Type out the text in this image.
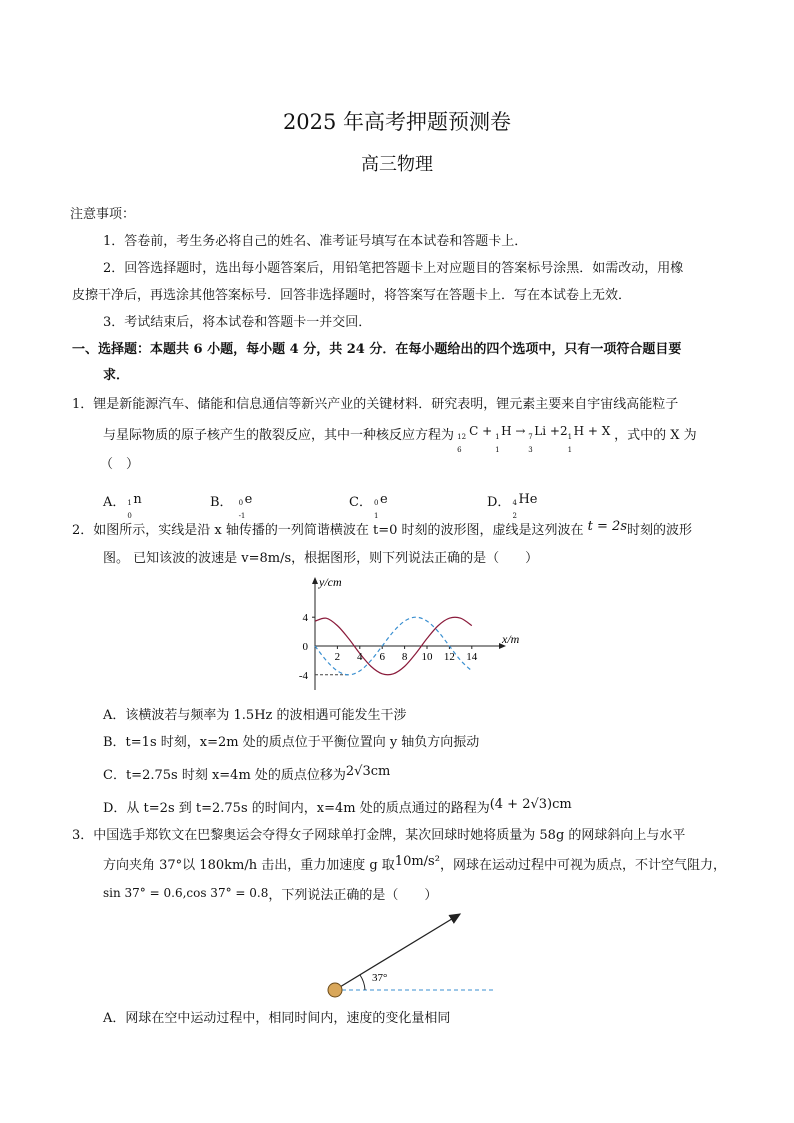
2025 年高考押题预测卷
高三物理
注意事项：
1．答卷前，考生务必将自己的姓名、准考证号填写在本试卷和答题卡上．
2．回答选择题时，选出每小题答案后，用铅笔把答题卡上对应题目的答案标号涂黑．如需改动，用橡
皮擦干净后，再选涂其他答案标号．回答非选择题时，将答案写在答题卡上．写在本试卷上无效．
3．考试结束后，将本试卷和答题卡一并交回．
一、选择题：本题共 6 小题，每小题 4 分，共 24 分．在每小题给出的四个选项中，只有一项符合题目要
求．
1．锂是新能源汽车、储能和信息通信等新兴产业的关键材料．研究表明，锂元素主要来自宇宙线高能粒子
与星际物质的原子核产生的散裂反应，其中一种核反应方程为 12
6
C + 1
1
H → 7
3
Li +2 1
1
H + X ，式中的 X 为
（　）
A． 1
0
n	B． 0
-1
e	C． 0
1
e	D． 4
2
He
2．如图所示，实线是沿 x 轴传播的一列简谐横波在 t=0 时刻的波形图，虚线是这列波在 t = 2s时刻的波形
图。 已知该波的波速是 v=8m/s，根据图形，则下列说法正确的是（　　）
2 4 6 8 10 12 14
4
0
-4
y/cm
x/m
A．该横波若与频率为 1.5Hz 的波相遇可能发生干涉
B．t=1s 时刻，x=2m 处的质点位于平衡位置向 y 轴负方向振动
C．t=2.75s 时刻 x=4m 处的质点位移为2√3cm
D．从 t=2s 到 t=2.75s 的时间内，x=4m 处的质点通过的路程为(4 + 2√3)cm
3．中国选手郑钦文在巴黎奥运会夺得女子网球单打金牌，某次回球时她将质量为 58g 的网球斜向上与水平
方向夹角 37°以 180km/h 击出，重力加速度 g 取10m/s²，网球在运动过程中可视为质点，不计空气阻力，
sin 37° = 0.6,cos 37° = 0.8，下列说法正确的是（　　）
37°
A．网球在空中运动过程中，相同时间内，速度的变化量相同
